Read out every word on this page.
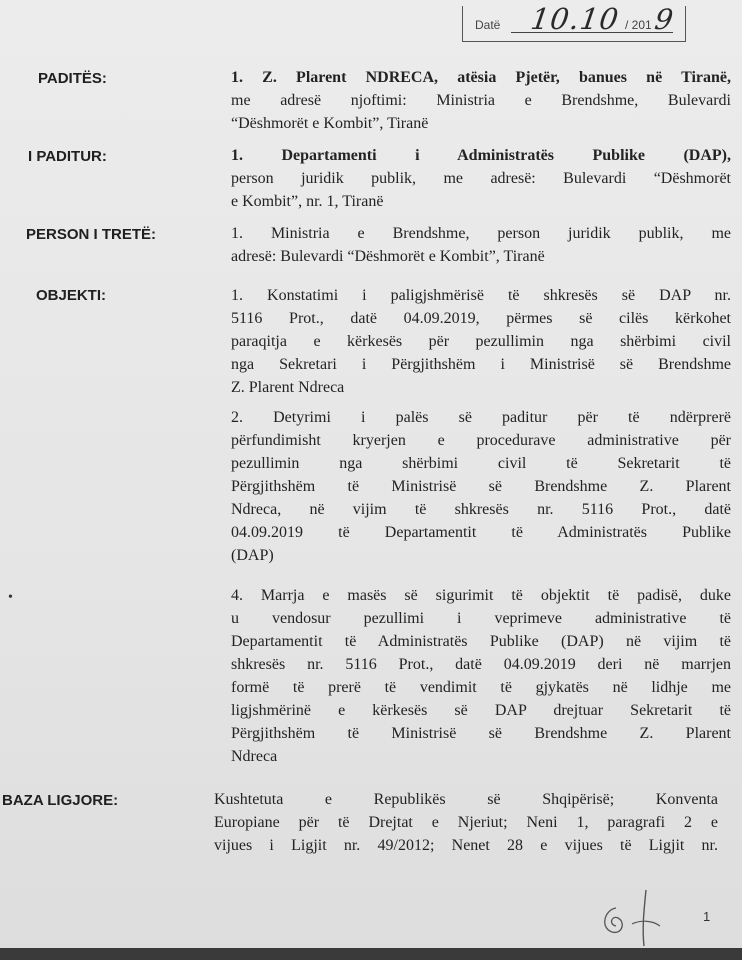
Datë 10.10 / 201 9
PADITËS:	1. Z. Plarent NDRECA, atësia Pjetër, banues në Tiranë,
me adresë njoftimi: Ministria e Brendshme, Bulevardi
“Dëshmorët e Kombit”, Tiranë
I PADITUR:	1. Departamenti i Administratës Publike (DAP),
person juridik publik, me adresë: Bulevardi “Dëshmorët
e Kombit”, nr. 1, Tiranë
PERSON I TRETË:	1. Ministria e Brendshme, person juridik publik, me
adresë: Bulevardi “Dëshmorët e Kombit”, Tiranë
OBJEKTI:	1. Konstatimi i paligjshmërisë të shkresës së DAP nr.
5116 Prot., datë 04.09.2019, përmes së cilës kërkohet
paraqitja e kërkesës për pezullimin nga shërbimi civil
nga Sekretari i Përgjithshëm i Ministrisë së Brendshme
Z. Plarent Ndreca
2. Detyrimi i palës së paditur për të ndërprerë
përfundimisht kryerjen e procedurave administrative për
pezullimin nga shërbimi civil të Sekretarit të
Përgjithshëm të Ministrisë së Brendshme Z. Plarent
Ndreca, në vijim të shkresës nr. 5116 Prot., datë
04.09.2019 të Departamentit të Administratës Publike
(DAP)
•	4. Marrja e masës së sigurimit të objektit të padisë, duke
u vendosur pezullimi i veprimeve administrative të
Departamentit të Administratës Publike (DAP) në vijim të
shkresës nr. 5116 Prot., datë 04.09.2019 deri në marrjen
formë të prerë të vendimit të gjykatës në lidhje me
ligjshmërinë e kërkesës së DAP drejtuar Sekretarit të
Përgjithshëm të Ministrisë së Brendshme Z. Plarent
Ndreca
BAZA LIGJORE:	Kushtetuta e Republikës së Shqipërisë; Konventa
Europiane për të Drejtat e Njeriut; Neni 1, paragrafi 2 e
vijues i Ligjit nr. 49/2012; Nenet 28 e vijues të Ligjit nr.
1
